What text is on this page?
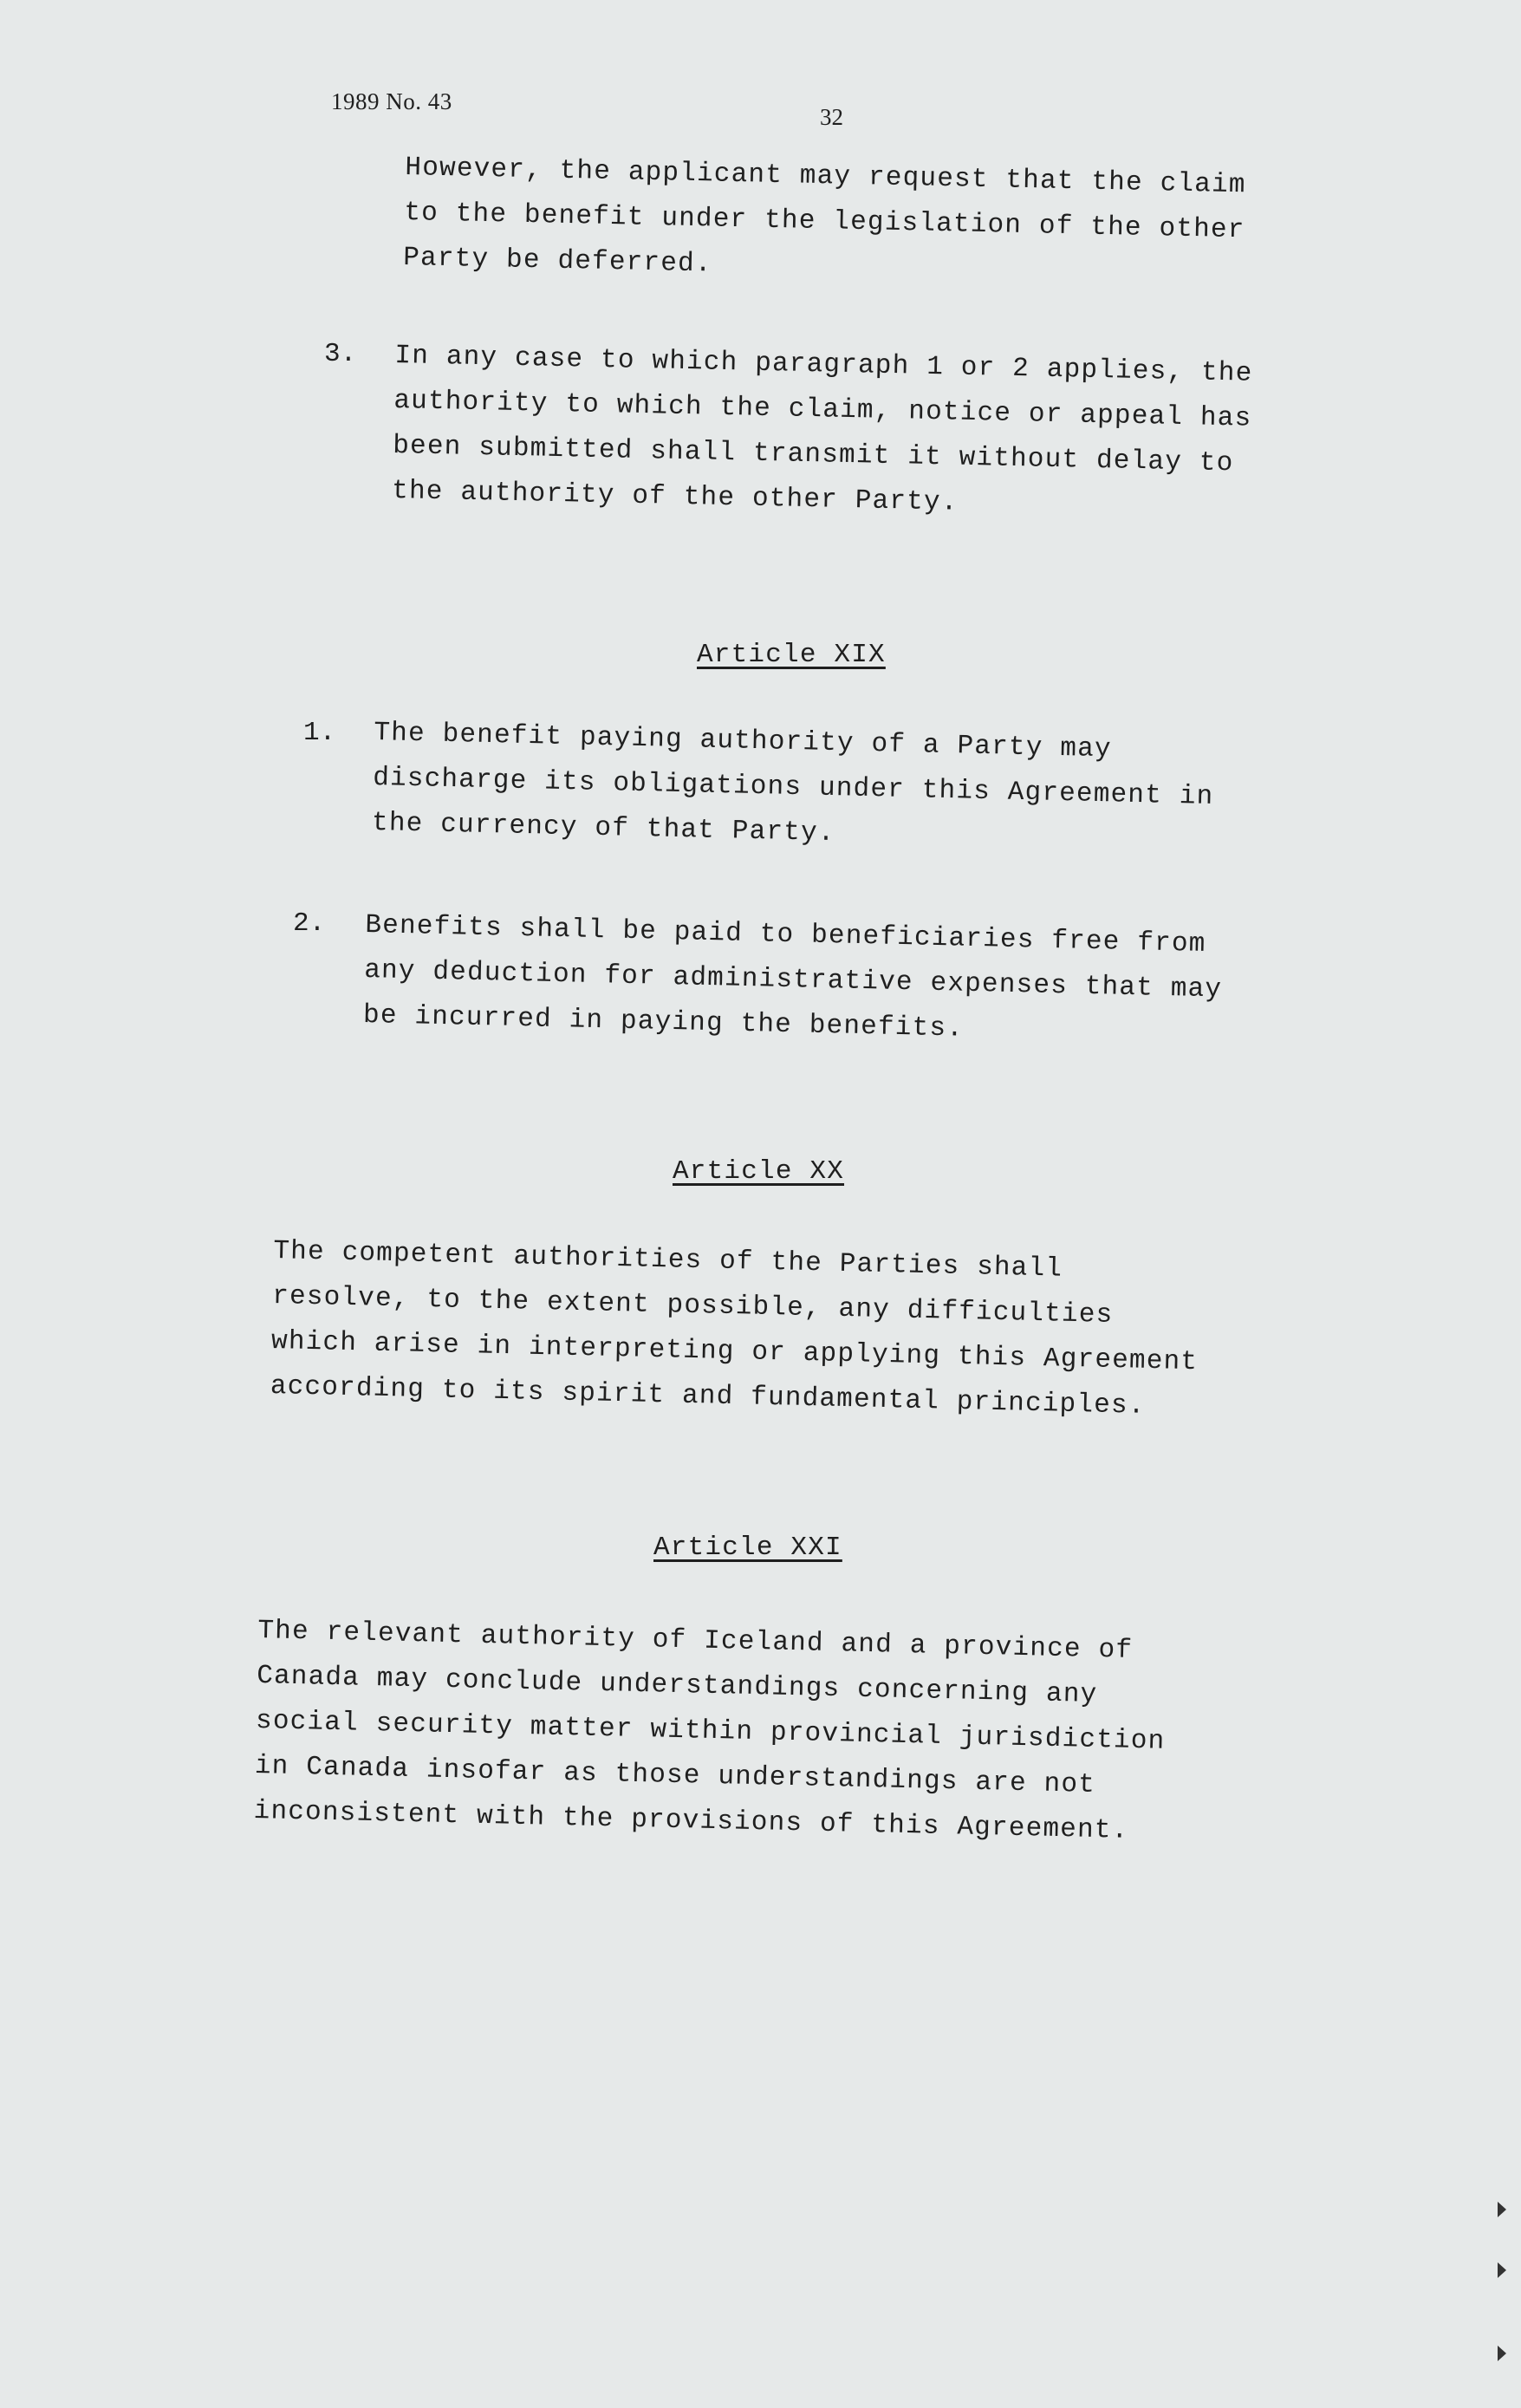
1989 No. 43
32
However, the applicant may request that the claim
to the benefit under the legislation of the other
Party be deferred.
3. In any case to which paragraph 1 or 2 applies, the
authority to which the claim, notice or appeal has
been submitted shall transmit it without delay to
the authority of the other Party.
Article XIX
1. The benefit paying authority of a Party may
discharge its obligations under this Agreement in
the currency of that Party.
2. Benefits shall be paid to beneficiaries free from
any deduction for administrative expenses that may
be incurred in paying the benefits.
Article XX
The competent authorities of the Parties shall
resolve, to the extent possible, any difficulties
which arise in interpreting or applying this Agreement
according to its spirit and fundamental principles.
Article XXI
The relevant authority of Iceland and a province of
Canada may conclude understandings concerning any
social security matter within provincial jurisdiction
in Canada insofar as those understandings are not
inconsistent with the provisions of this Agreement.
